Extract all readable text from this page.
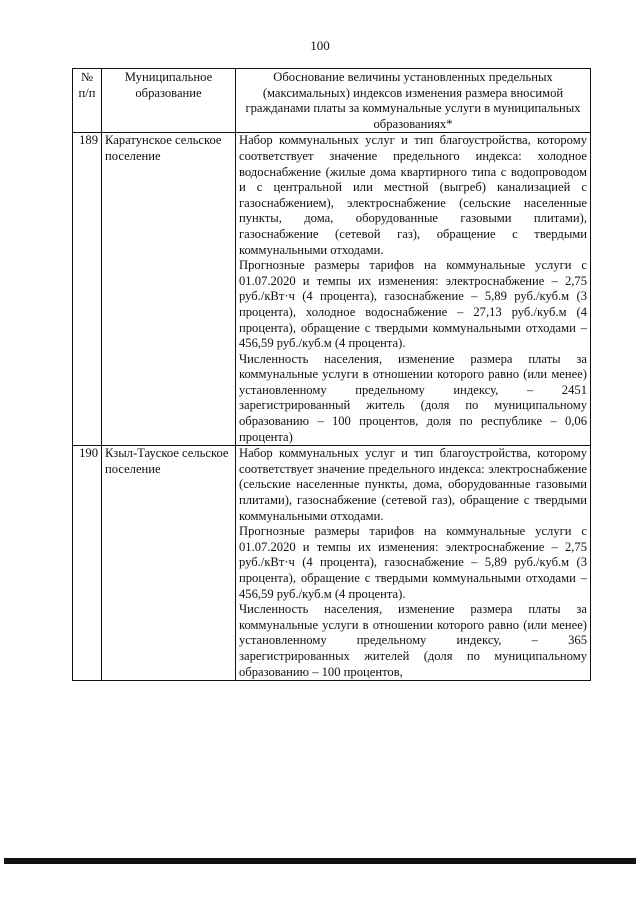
100
№ п/п	Муниципальное образование	Обоснование величины установленных предельных (максимальных) индексов изменения размера вносимой гражданами платы за коммунальные услуги в муниципальных образованиях*
189	Каратунское сельское поселение	Набор коммунальных услуг и тип благоустройства, которому соответствует значение предельного индекса: холодное водоснабжение (жилые дома квартирного типа с водопроводом и с центральной или местной (выгреб) канализацией с газоснабжением), электроснабжение (сельские населенные пункты, дома, оборудованные газовыми плитами), газоснабжение (сетевой газ), обращение с твердыми коммунальными отходами.

Прогнозные размеры тарифов на коммунальные услуги с 01.07.2020 и темпы их изменения: электроснабжение – 2,75 руб./кВт·ч (4 процента), газоснабжение – 5,89 руб./куб.м (3 процента), холодное водоснабжение – 27,13 руб./куб.м (4 процента), обращение с твердыми коммунальными отходами – 456,59 руб./куб.м (4 процента).

Численность населения, изменение размера платы за коммунальные услуги в отношении которого равно (или менее) установленному предельному индексу, – 2451 зарегистрированный житель (доля по муниципальному образованию – 100 процентов, доля по республике – 0,06 процента)

190	Кзыл-Тауское сельское поселение	Набор коммунальных услуг и тип благоустройства, которому соответствует значение предельного индекса: электроснабжение (сельские населенные пункты, дома, оборудованные газовыми плитами), газоснабжение (сетевой газ), обращение с твердыми коммунальными отходами.

Прогнозные размеры тарифов на коммунальные услуги с 01.07.2020 и темпы их изменения: электроснабжение – 2,75 руб./кВт·ч (4 процента), газоснабжение – 5,89 руб./куб.м (3 процента), обращение с твердыми коммунальными отходами – 456,59 руб./куб.м (4 процента).

Численность населения, изменение размера платы за коммунальные услуги в отношении которого равно (или менее) установленному предельному индексу, – 365 зарегистрированных жителей (доля по муниципальному образованию – 100 процентов,
